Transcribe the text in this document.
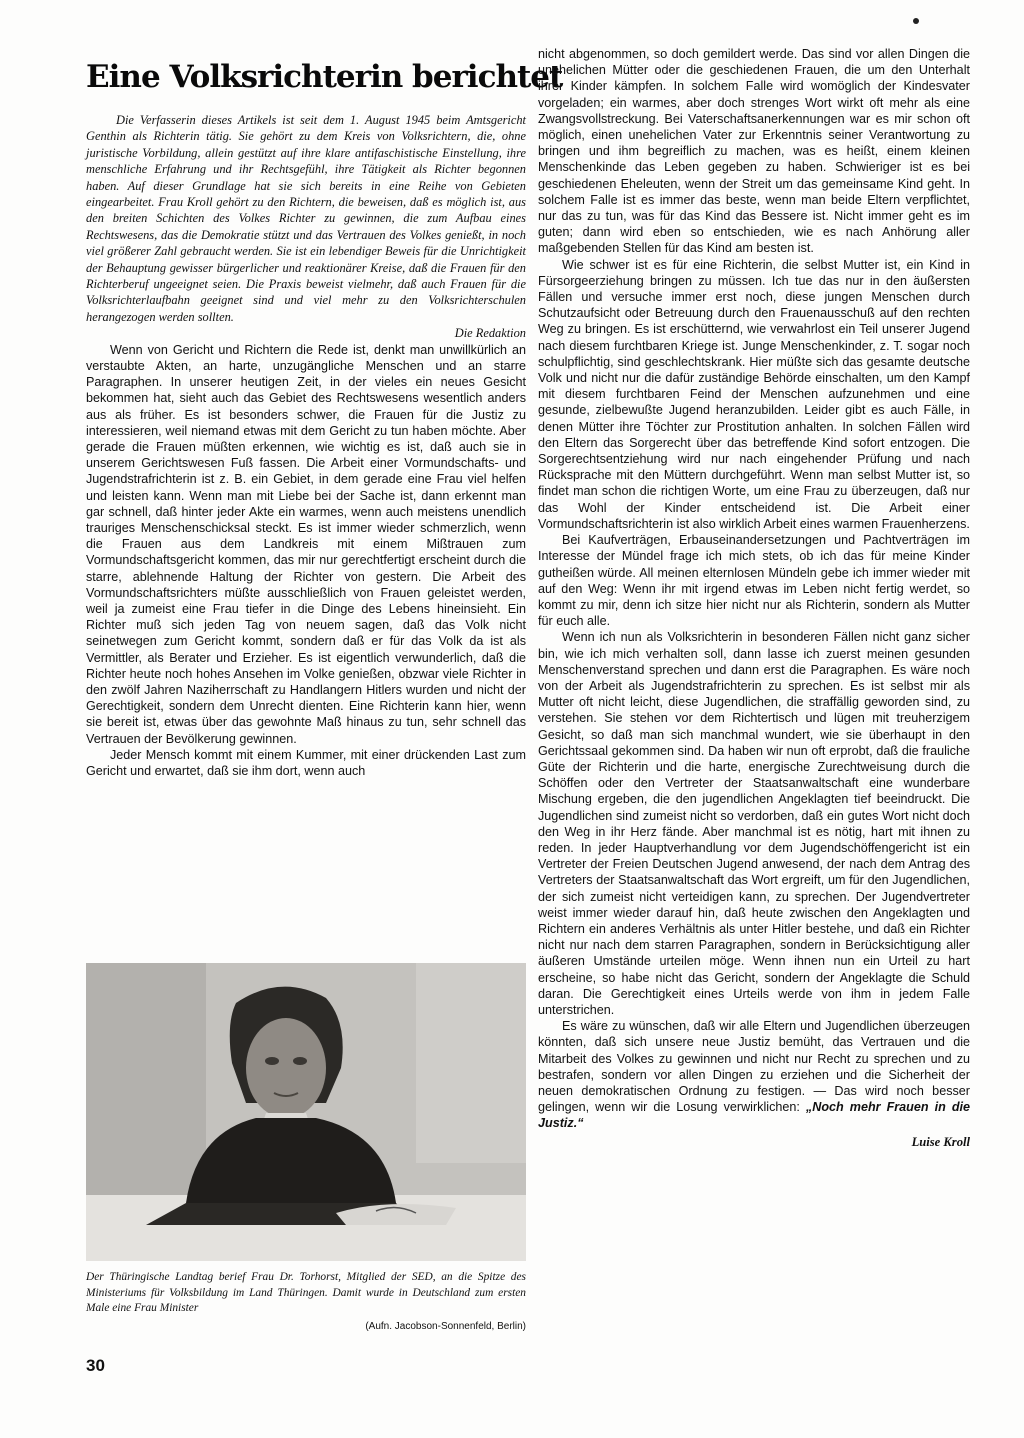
Eine Volksrichterin berichtet

Die Verfasserin dieses Artikels ist seit dem 1. August 1945 beim Amtsgericht Genthin als Richterin tätig. Sie gehört zu dem Kreis von Volksrichtern, die, ohne juristische Vorbildung, allein gestützt auf ihre klare antifaschistische Einstellung, ihre menschliche Erfahrung und ihr Rechtsgefühl, ihre Tätigkeit als Richter begonnen haben. Auf dieser Grundlage hat sie sich bereits in eine Reihe von Gebieten eingearbeitet. Frau Kroll gehört zu den Richtern, die beweisen, daß es möglich ist, aus den breiten Schichten des Volkes Richter zu gewinnen, die zum Aufbau eines Rechtswesens, das die Demokratie stützt und das Vertrauen des Volkes genießt, in noch viel größerer Zahl gebraucht werden. Sie ist ein lebendiger Beweis für die Unrichtigkeit der Behauptung gewisser bürgerlicher und reaktionärer Kreise, daß die Frauen für den Richterberuf ungeeignet seien. Die Praxis beweist vielmehr, daß auch Frauen für die Volksrichterlaufbahn geeignet sind und viel mehr zu den Volksrichterschulen herangezogen werden sollten.

Die Redaktion

Wenn von Gericht und Richtern die Rede ist, denkt man unwillkürlich an verstaubte Akten, an harte, unzugängliche Menschen und an starre Paragraphen. In unserer heutigen Zeit, in der vieles ein neues Gesicht bekommen hat, sieht auch das Gebiet des Rechtswesens wesentlich anders aus als früher. Es ist besonders schwer, die Frauen für die Justiz zu interessieren, weil niemand etwas mit dem Gericht zu tun haben möchte. Aber gerade die Frauen müßten erkennen, wie wichtig es ist, daß auch sie in unserem Gerichtswesen Fuß fassen. Die Arbeit einer Vormundschafts- und Jugendstrafrichterin ist z. B. ein Gebiet, in dem gerade eine Frau viel helfen und leisten kann. Wenn man mit Liebe bei der Sache ist, dann erkennt man gar schnell, daß hinter jeder Akte ein warmes, wenn auch meistens unendlich trauriges Menschenschicksal steckt. Es ist immer wieder schmerzlich, wenn die Frauen aus dem Landkreis mit einem Mißtrauen zum Vormundschaftsgericht kommen, das mir nur gerechtfertigt erscheint durch die starre, ablehnende Haltung der Richter von gestern. Die Arbeit des Vormundschaftsrichters müßte ausschließlich von Frauen geleistet werden, weil ja zumeist eine Frau tiefer in die Dinge des Lebens hineinsieht. Ein Richter muß sich jeden Tag von neuem sagen, daß das Volk nicht seinetwegen zum Gericht kommt, sondern daß er für das Volk da ist als Vermittler, als Berater und Erzieher. Es ist eigentlich verwunderlich, daß die Richter heute noch hohes Ansehen im Volke genießen, obzwar viele Richter in den zwölf Jahren Naziherrschaft zu Handlangern Hitlers wurden und nicht der Gerechtigkeit, sondern dem Unrecht dienten. Eine Richterin kann hier, wenn sie bereit ist, etwas über das gewohnte Maß hinaus zu tun, sehr schnell das Vertrauen der Bevölkerung gewinnen.

Jeder Mensch kommt mit einem Kummer, mit einer drückenden Last zum Gericht und erwartet, daß sie ihm dort, wenn auch

Der Thüringische Landtag berief Frau Dr. Torhorst, Mitglied der SED, an die Spitze des Ministeriums für Volksbildung im Land Thüringen. Damit wurde in Deutschland zum ersten Male eine Frau Minister

(Aufn. Jacobson-Sonnenfeld, Berlin)

30

nicht abgenommen, so doch gemildert werde. Das sind vor allen Dingen die unehelichen Mütter oder die geschiedenen Frauen, die um den Unterhalt ihrer Kinder kämpfen. In solchem Falle wird womöglich der Kindesvater vorgeladen; ein warmes, aber doch strenges Wort wirkt oft mehr als eine Zwangsvollstreckung. Bei Vaterschaftsanerkennungen war es mir schon oft möglich, einen unehelichen Vater zur Erkenntnis seiner Verantwortung zu bringen und ihm begreiflich zu machen, was es heißt, einem kleinen Menschenkinde das Leben gegeben zu haben. Schwieriger ist es bei geschiedenen Eheleuten, wenn der Streit um das gemeinsame Kind geht. In solchem Falle ist es immer das beste, wenn man beide Eltern verpflichtet, nur das zu tun, was für das Kind das Bessere ist. Nicht immer geht es im guten; dann wird eben so entschieden, wie es nach Anhörung aller maßgebenden Stellen für das Kind am besten ist.

Wie schwer ist es für eine Richterin, die selbst Mutter ist, ein Kind in Fürsorgeerziehung bringen zu müssen. Ich tue das nur in den äußersten Fällen und versuche immer erst noch, diese jungen Menschen durch Schutzaufsicht oder Betreuung durch den Frauenausschuß auf den rechten Weg zu bringen. Es ist erschütternd, wie verwahrlost ein Teil unserer Jugend nach diesem furchtbaren Kriege ist. Junge Menschenkinder, z. T. sogar noch schulpflichtig, sind geschlechtskrank. Hier müßte sich das gesamte deutsche Volk und nicht nur die dafür zuständige Behörde einschalten, um den Kampf mit diesem furchtbaren Feind der Menschen aufzunehmen und eine gesunde, zielbewußte Jugend heranzubilden. Leider gibt es auch Fälle, in denen Mütter ihre Töchter zur Prostitution anhalten. In solchen Fällen wird den Eltern das Sorgerecht über das betreffende Kind sofort entzogen. Die Sorgerechtsentziehung wird nur nach eingehender Prüfung und nach Rücksprache mit den Müttern durchgeführt. Wenn man selbst Mutter ist, so findet man schon die richtigen Worte, um eine Frau zu überzeugen, daß nur das Wohl der Kinder entscheidend ist. Die Arbeit einer Vormundschaftsrichterin ist also wirklich Arbeit eines warmen Frauenherzens.

Bei Kaufverträgen, Erbauseinandersetzungen und Pachtverträgen im Interesse der Mündel frage ich mich stets, ob ich das für meine Kinder gutheißen würde. All meinen elternlosen Mündeln gebe ich immer wieder mit auf den Weg: Wenn ihr mit irgend etwas im Leben nicht fertig werdet, so kommt zu mir, denn ich sitze hier nicht nur als Richterin, sondern als Mutter für euch alle.

Wenn ich nun als Volksrichterin in besonderen Fällen nicht ganz sicher bin, wie ich mich verhalten soll, dann lasse ich zuerst meinen gesunden Menschenverstand sprechen und dann erst die Paragraphen. Es wäre noch von der Arbeit als Jugendstrafrichterin zu sprechen. Es ist selbst mir als Mutter oft nicht leicht, diese Jugendlichen, die straffällig geworden sind, zu verstehen. Sie stehen vor dem Richtertisch und lügen mit treuherzigem Gesicht, so daß man sich manchmal wundert, wie sie überhaupt in den Gerichtssaal gekommen sind. Da haben wir nun oft erprobt, daß die frauliche Güte der Richterin und die harte, energische Zurechtweisung durch die Schöffen oder den Vertreter der Staatsanwaltschaft eine wunderbare Mischung ergeben, die den jugendlichen Angeklagten tief beeindruckt. Die Jugendlichen sind zumeist nicht so verdorben, daß ein gutes Wort nicht doch den Weg in ihr Herz fände. Aber manchmal ist es nötig, hart mit ihnen zu reden. In jeder Hauptverhandlung vor dem Jugendschöffengericht ist ein Vertreter der Freien Deutschen Jugend anwesend, der nach dem Antrag des Vertreters der Staatsanwaltschaft das Wort ergreift, um für den Jugendlichen, der sich zumeist nicht verteidigen kann, zu sprechen. Der Jugendvertreter weist immer wieder darauf hin, daß heute zwischen den Angeklagten und Richtern ein anderes Verhältnis als unter Hitler bestehe, und daß ein Richter nicht nur nach dem starren Paragraphen, sondern in Berücksichtigung aller äußeren Umstände urteilen möge. Wenn ihnen nun ein Urteil zu hart erscheine, so habe nicht das Gericht, sondern der Angeklagte die Schuld daran. Die Gerechtigkeit eines Urteils werde von ihm in jedem Falle unterstrichen.

Es wäre zu wünschen, daß wir alle Eltern und Jugendlichen überzeugen könnten, daß sich unsere neue Justiz bemüht, das Vertrauen und die Mitarbeit des Volkes zu gewinnen und nicht nur Recht zu sprechen und zu bestrafen, sondern vor allen Dingen zu erziehen und die Sicherheit der neuen demokratischen Ordnung zu festigen. — Das wird noch besser gelingen, wenn wir die Losung verwirklichen: „Noch mehr Frauen in die Justiz.“

Luise Kroll
